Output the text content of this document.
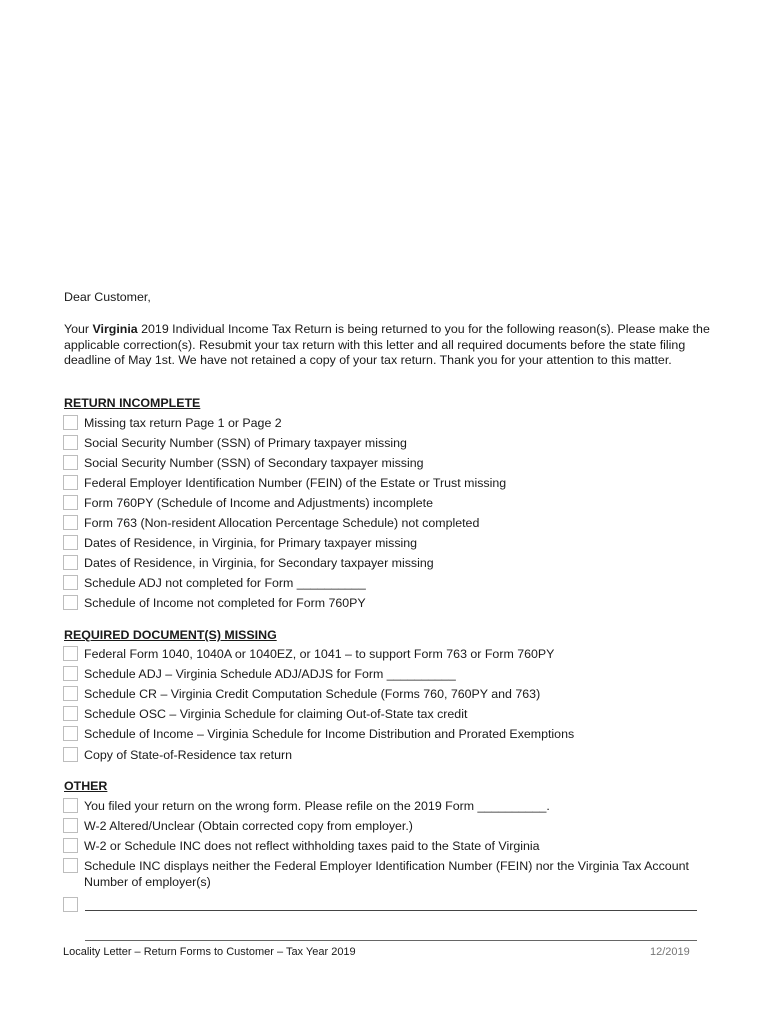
Dear Customer,
Your Virginia 2019 Individual Income Tax Return is being returned to you for the following reason(s). Please make the applicable correction(s). Resubmit your tax return with this letter and all required documents before the state filing deadline of May 1st. We have not retained a copy of your tax return. Thank you for your attention to this matter.
RETURN INCOMPLETE
Missing tax return Page 1 or Page 2
Social Security Number (SSN) of Primary taxpayer missing
Social Security Number (SSN) of Secondary taxpayer missing
Federal Employer Identification Number (FEIN) of the Estate or Trust missing
Form 760PY (Schedule of Income and Adjustments) incomplete
Form 763 (Non-resident Allocation Percentage Schedule) not completed
Dates of Residence, in Virginia, for Primary taxpayer missing
Dates of Residence, in Virginia, for Secondary taxpayer missing
Schedule ADJ not completed for Form __________
Schedule of Income not completed for Form 760PY
REQUIRED DOCUMENT(S) MISSING
Federal Form 1040, 1040A or 1040EZ, or 1041 – to support Form 763 or Form 760PY
Schedule ADJ – Virginia Schedule ADJ/ADJS for Form __________
Schedule CR – Virginia Credit Computation Schedule (Forms 760, 760PY and 763)
Schedule OSC – Virginia Schedule for claiming Out-of-State tax credit
Schedule of Income – Virginia Schedule for Income Distribution and Prorated Exemptions
Copy of State-of-Residence tax return
OTHER
You filed your return on the wrong form. Please refile on the 2019 Form __________.
W-2 Altered/Unclear (Obtain corrected copy from employer.)
W-2 or Schedule INC does not reflect withholding taxes paid to the State of Virginia
Schedule INC displays neither the Federal Employer Identification Number (FEIN) nor the Virginia Tax Account Number of employer(s)
Locality Letter – Return Forms to Customer – Tax Year 2019	12/2019
